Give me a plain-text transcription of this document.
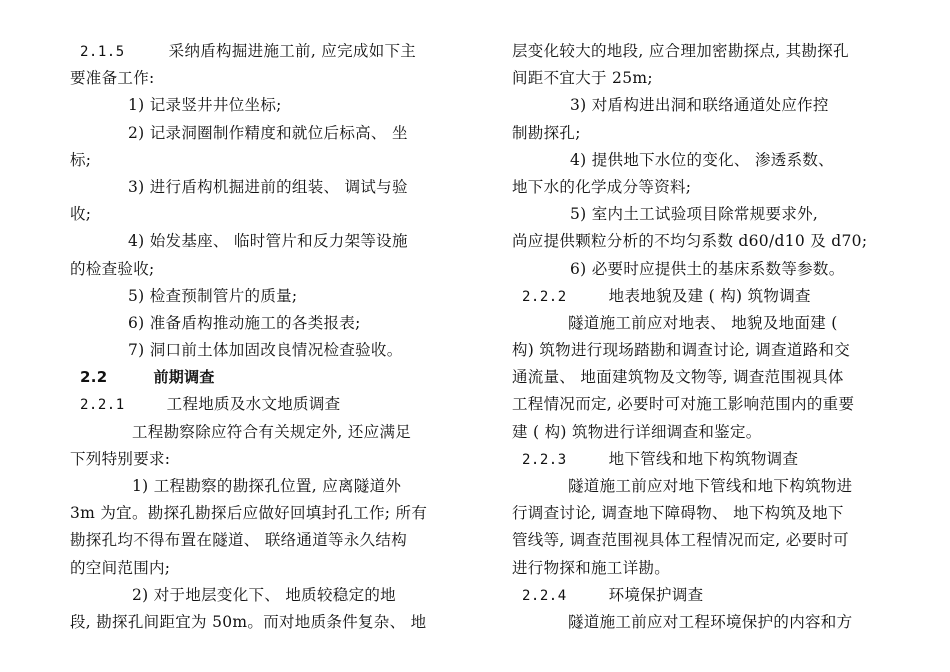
2.1.5	采纳盾构掘进施工前, 应完成如下主
要准备工作:
1) 记录竖井井位坐标;
2) 记录洞圈制作精度和就位后标高、 坐
标;
3) 进行盾构机掘进前的组装、 调试与验
收;
4) 始发基座、 临时管片和反力架等设施
的检查验收;
5) 检查预制管片的质量;
6) 准备盾构推动施工的各类报表;
7) 洞口前土体加固改良情况检查验收。
2.2	前期调查
2.2.1	工程地质及水文地质调查
工程勘察除应符合有关规定外, 还应满足
下列特别要求:
1) 工程勘察的勘探孔位置, 应离隧道外
3m 为宜。勘探孔勘探后应做好回填封孔工作; 所有
勘探孔均不得布置在隧道、 联络通道等永久结构
的空间范围内;
2) 对于地层变化下、 地质较稳定的地
段, 勘探孔间距宜为 50m。而对地质条件复杂、 地
层变化较大的地段, 应合理加密勘探点, 其勘探孔
间距不宜大于 25m;
3) 对盾构进出洞和联络通道处应作控
制勘探孔;
4) 提供地下水位的变化、 渗透系数、
地下水的化学成分等资料;
5) 室内土工试验项目除常规要求外,
尚应提供颗粒分析的不均匀系数 d60/d10 及 d70;
6) 必要时应提供土的基床系数等参数。
2.2.2	地表地貌及建 ( 构) 筑物调查
隧道施工前应对地表、 地貌及地面建 (
构) 筑物进行现场踏勘和调查讨论, 调查道路和交
通流量、 地面建筑物及文物等, 调查范围视具体
工程情况而定, 必要时可对施工影响范围内的重要
建 ( 构) 筑物进行详细调查和鉴定。
2.2.3	地下管线和地下构筑物调查
隧道施工前应对地下管线和地下构筑物进
行调查讨论, 调查地下障碍物、 地下构筑及地下
管线等, 调查范围视具体工程情况而定, 必要时可
进行物探和施工详勘。
2.2.4	环境保护调查
隧道施工前应对工程环境保护的内容和方
